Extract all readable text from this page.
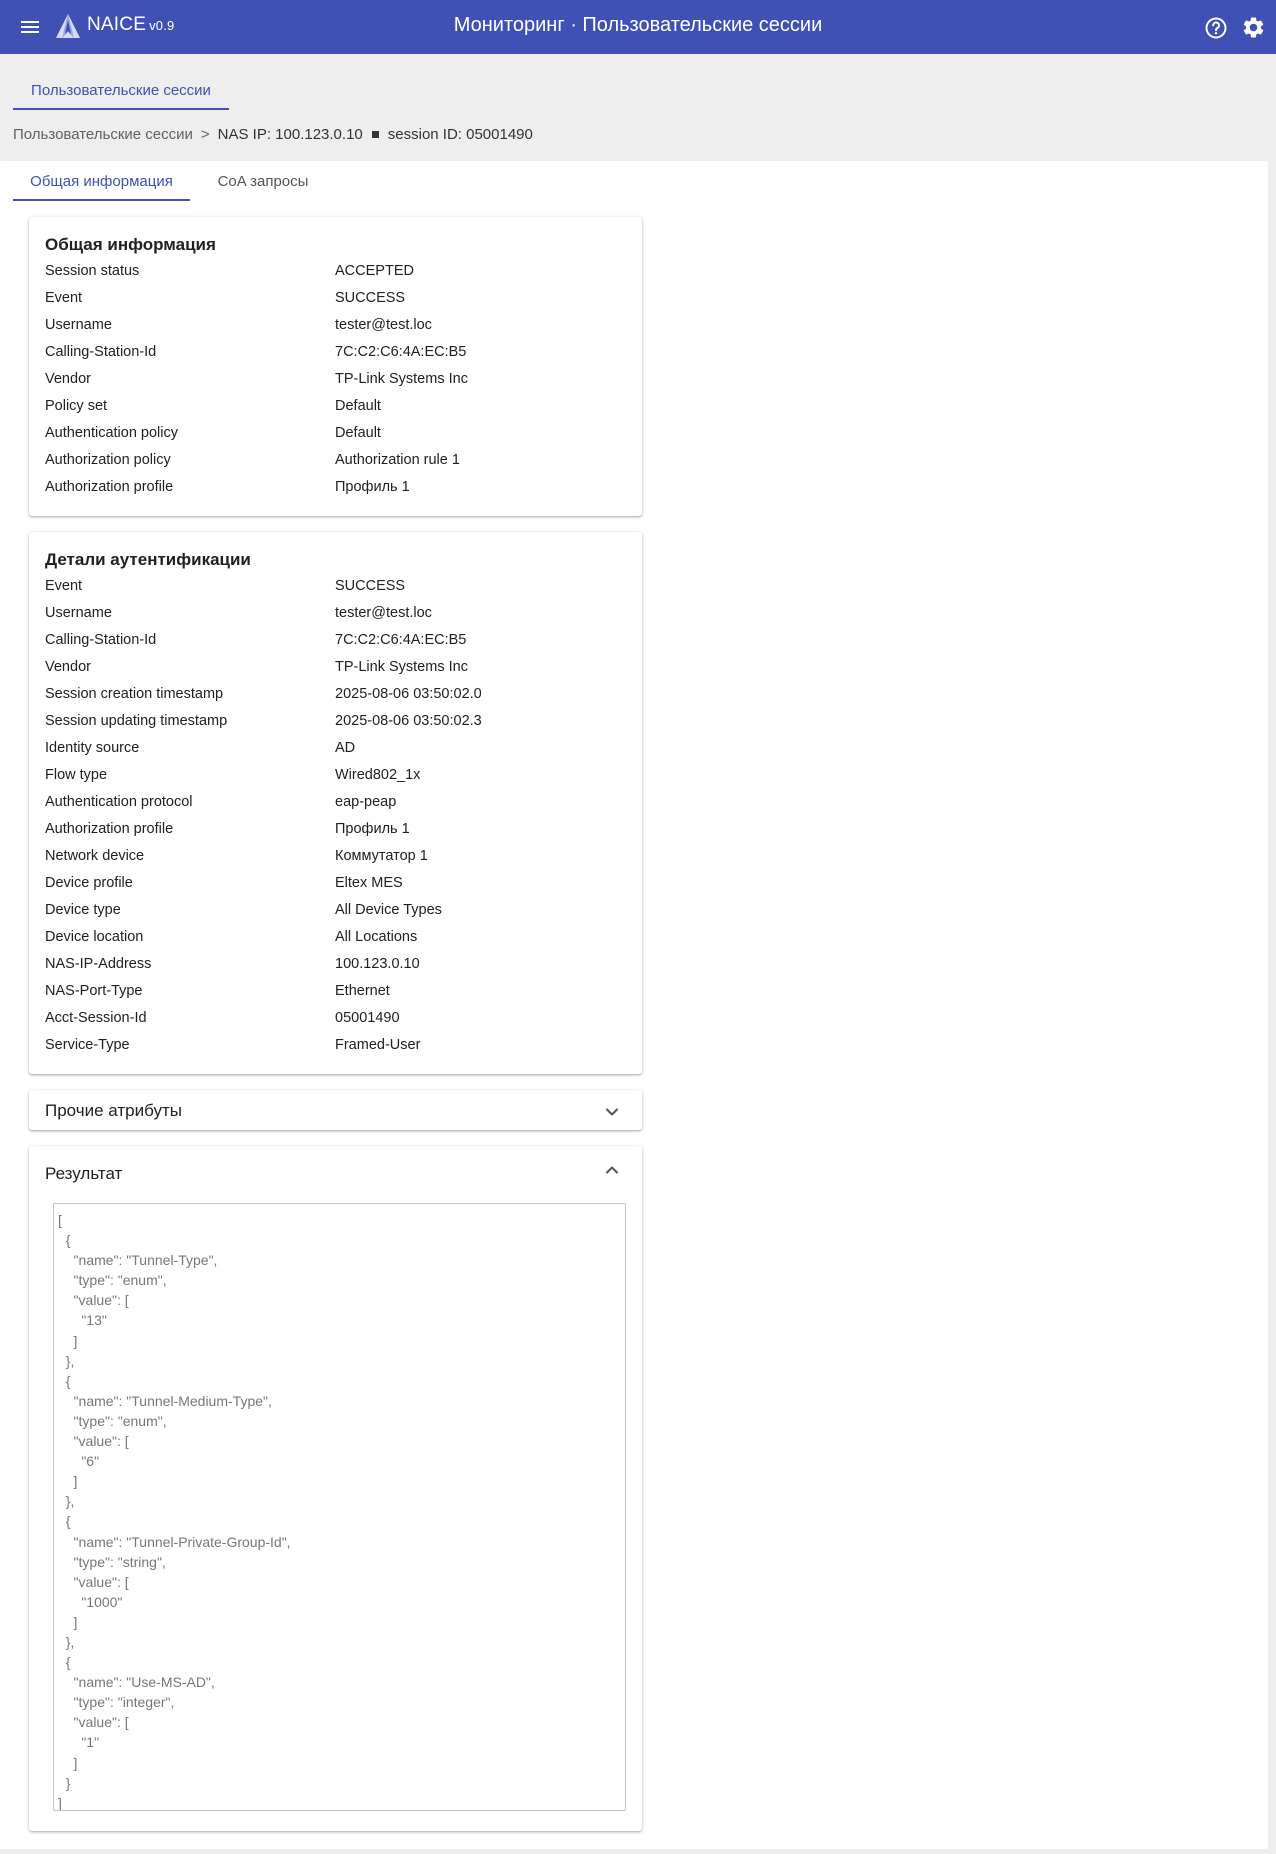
NAICE v0.9	Мониторинг · Пользовательские сессии
Пользовательские сессии
Пользовательские сессии > NAS IP: 100.123.0.10 session ID: 05001490
Общая информация	CoA запросы
Общая информация
Session status	ACCEPTED
Event	SUCCESS
Username	tester@test.loc
Calling-Station-Id	7C:C2:C6:4A:EC:B5
Vendor	TP-Link Systems Inc
Policy set	Default
Authentication policy	Default
Authorization policy	Authorization rule 1
Authorization profile	Профиль 1
Детали аутентификации
Event	SUCCESS
Username	tester@test.loc
Calling-Station-Id	7C:C2:C6:4A:EC:B5
Vendor	TP-Link Systems Inc
Session creation timestamp	2025-08-06 03:50:02.0
Session updating timestamp	2025-08-06 03:50:02.3
Identity source	AD
Flow type	Wired802_1x
Authentication protocol	eap-peap
Authorization profile	Профиль 1
Network device	Коммутатор 1
Device profile	Eltex MES
Device type	All Device Types
Device location	All Locations
NAS-IP-Address	100.123.0.10
NAS-Port-Type	Ethernet
Acct-Session-Id	05001490
Service-Type	Framed-User
Прочие атрибуты
Результат
[
{
"name": "Tunnel-Type",
"type": "enum",
"value": [
"13"
]
},
{
"name": "Tunnel-Medium-Type",
"type": "enum",
"value": [
"6"
]
},
{
"name": "Tunnel-Private-Group-Id",
"type": "string",
"value": [
"1000"
]
},
{
"name": "Use-MS-AD",
"type": "integer",
"value": [
"1"
]
}
]
